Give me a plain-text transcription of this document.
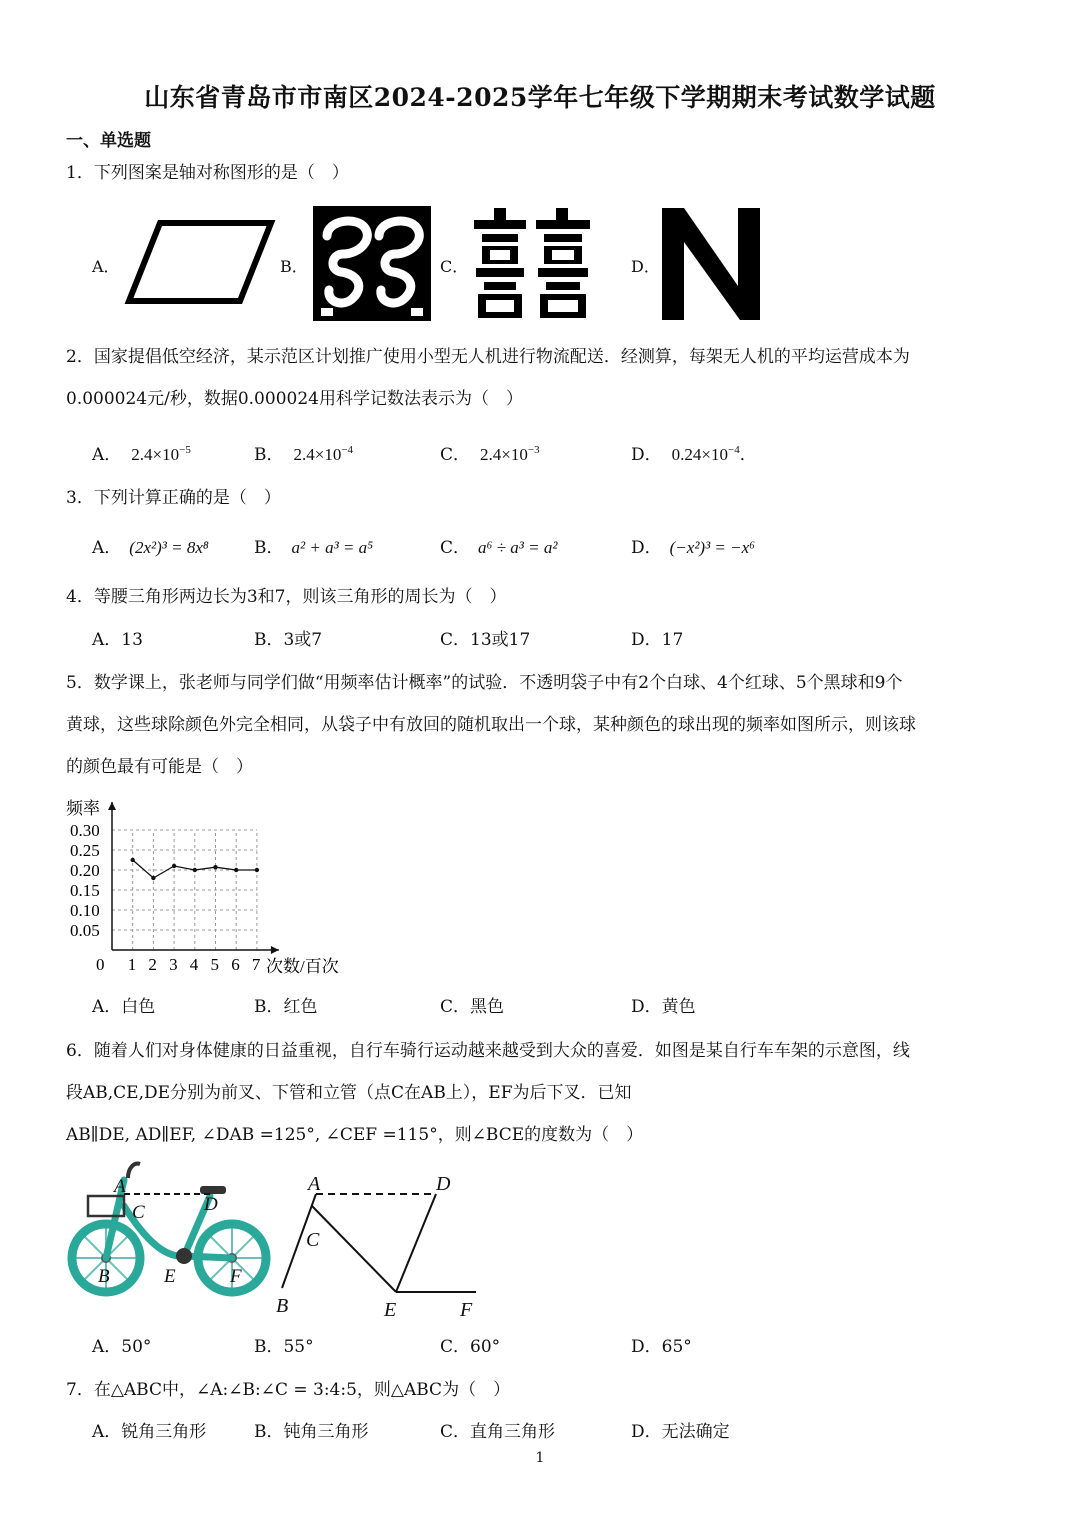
山东省青岛市市南区2024-2025学年七年级下学期期末考试数学试题
一、单选题
1．下列图案是轴对称图形的是（　）
A．	B．	C．	D．
2．国家提倡低空经济，某示范区计划推广使用小型无人机进行物流配送．经测算，每架无人机的平均运营成本为
0.000024元/秒，数据0.000024用科学记数法表示为（　）
A． $2.4\times 10^{-5}$	B． $2.4\times 10^{-4}$	C． $2.4\times 10^{-3}$	D． $0.24\times 10^{-4}$．
3．下列计算正确的是（　）
A． (2x²)³ = 8x⁸	B． a² + a³ = a⁵	C． a⁶ ÷ a³ = a²	D． (−x²)³ = −x⁶
4．等腰三角形两边长为3和7，则该三角形的周长为（　）
A．13	B．3或7	C．13或17	D．17
5．数学课上，张老师与同学们做“用频率估计概率”的试验．不透明袋子中有2个白球、4个红球、5个黑球和9个
黄球，这些球除颜色外完全相同，从袋子中有放回的随机取出一个球，某种颜色的球出现的频率如图所示，则该球
的颜色最有可能是（　）
0 1 2 3 4 5 6 7
0.05
0.10
0.15
0.20
0.25
0.30
频率
次数/百次
A．白色	B．红色	C．黑色	D．黄色
6．随着人们对身体健康的日益重视，自行车骑行运动越来越受到大众的喜爱．如图是某自行车车架的示意图，线
段AB,CE,DE分别为前叉、下管和立管（点C在AB上），EF为后下叉．已知
AB∥DE, AD∥EF, ∠DAB =125°, ∠CEF =115°，则∠BCE的度数为（　）
A
C	D
B	E	F
A	D
C
B	E	F
A．50°	B．55°	C．60°	D．65°
7．在△ABC中，∠A:∠B:∠C = 3:4:5，则△ABC为（　）
A．锐角三角形	B．钝角三角形	C．直角三角形	D．无法确定
1
